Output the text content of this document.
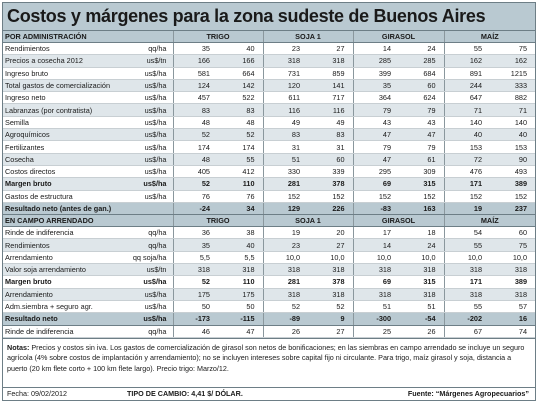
Costos y márgenes para la zona sudeste de Buenos Aires
POR ADMINISTRACIÓN		TRIGO		SOJA 1		GIRASOL		MAÍZ	
Rendimientos	qq/ha	35	40	23	27	14	24	55	75
Precios a cosecha 2012	us$/tn	166	166	318	318	285	285	162	162
Ingreso bruto	us$/ha	581	664	731	859	399	684	891	1215
Total gastos de comercialización	us$/ha	124	142	120	141	35	60	244	333
Ingreso neto	us$/ha	457	522	611	717	364	624	647	882
Labranzas (por contratista)	us$/ha	83	83	116	116	79	79	71	71
Semilla	us$/ha	48	48	49	49	43	43	140	140
Agroquímicos	us$/ha	52	52	83	83	47	47	40	40
Fertilizantes	us$/ha	174	174	31	31	79	79	153	153
Cosecha	us$/ha	48	55	51	60	47	61	72	90
Costos directos	us$/ha	405	412	330	339	295	309	476	493
Margen bruto	us$/ha	52	110	281	378	69	315	171	389
Gastos de estructura	us$/ha	76	76	152	152	152	152	152	152
Resultado neto (antes de gan.)		-24	34	129	226	-83	163	19	237
EN CAMPO ARRENDADO		TRIGO		SOJA 1		GIRASOL		MAÍZ	
Rinde de indiferencia	qq/ha	36	38	19	20	17	18	54	60
Rendimientos	qq/ha	35	40	23	27	14	24	55	75
Arrendamiento	qq soja/ha	5,5	5,5	10,0	10,0	10,0	10,0	10,0	10,0
Valor soja arrendamiento	us$/tn	318	318	318	318	318	318	318	318
Margen bruto	us$/ha	52	110	281	378	69	315	171	389
Arrendamiento	us$/ha	175	175	318	318	318	318	318	318
Adm.siembra + seguro agr.	us$/ha	50	50	52	52	51	51	55	57
Resultado neto	us$/ha	-173	-115	-89	9	-300	-54	-202	16
Rinde de indiferencia	qq/ha	46	47	26	27	25	26	67	74
Notas: Precios y costos sin iva. Los gastos de comercialización de girasol son netos de bonificaciones; en las siembras en campo arrendado se incluye un seguro agrícola (4% sobre costos de implantación y arrendamiento); no se incluyen intereses sobre capital fijo ni circulante. Para trigo, maíz girasol y soja, distancia a puerto (20 km flete corto + 100 km flete largo). Precio trigo: Marzo/12.
Fecha: 09/02/2012	TIPO DE CAMBIO: 4,41 $/ DÓLAR.	Fuente: “Márgenes Agropecuarios”
